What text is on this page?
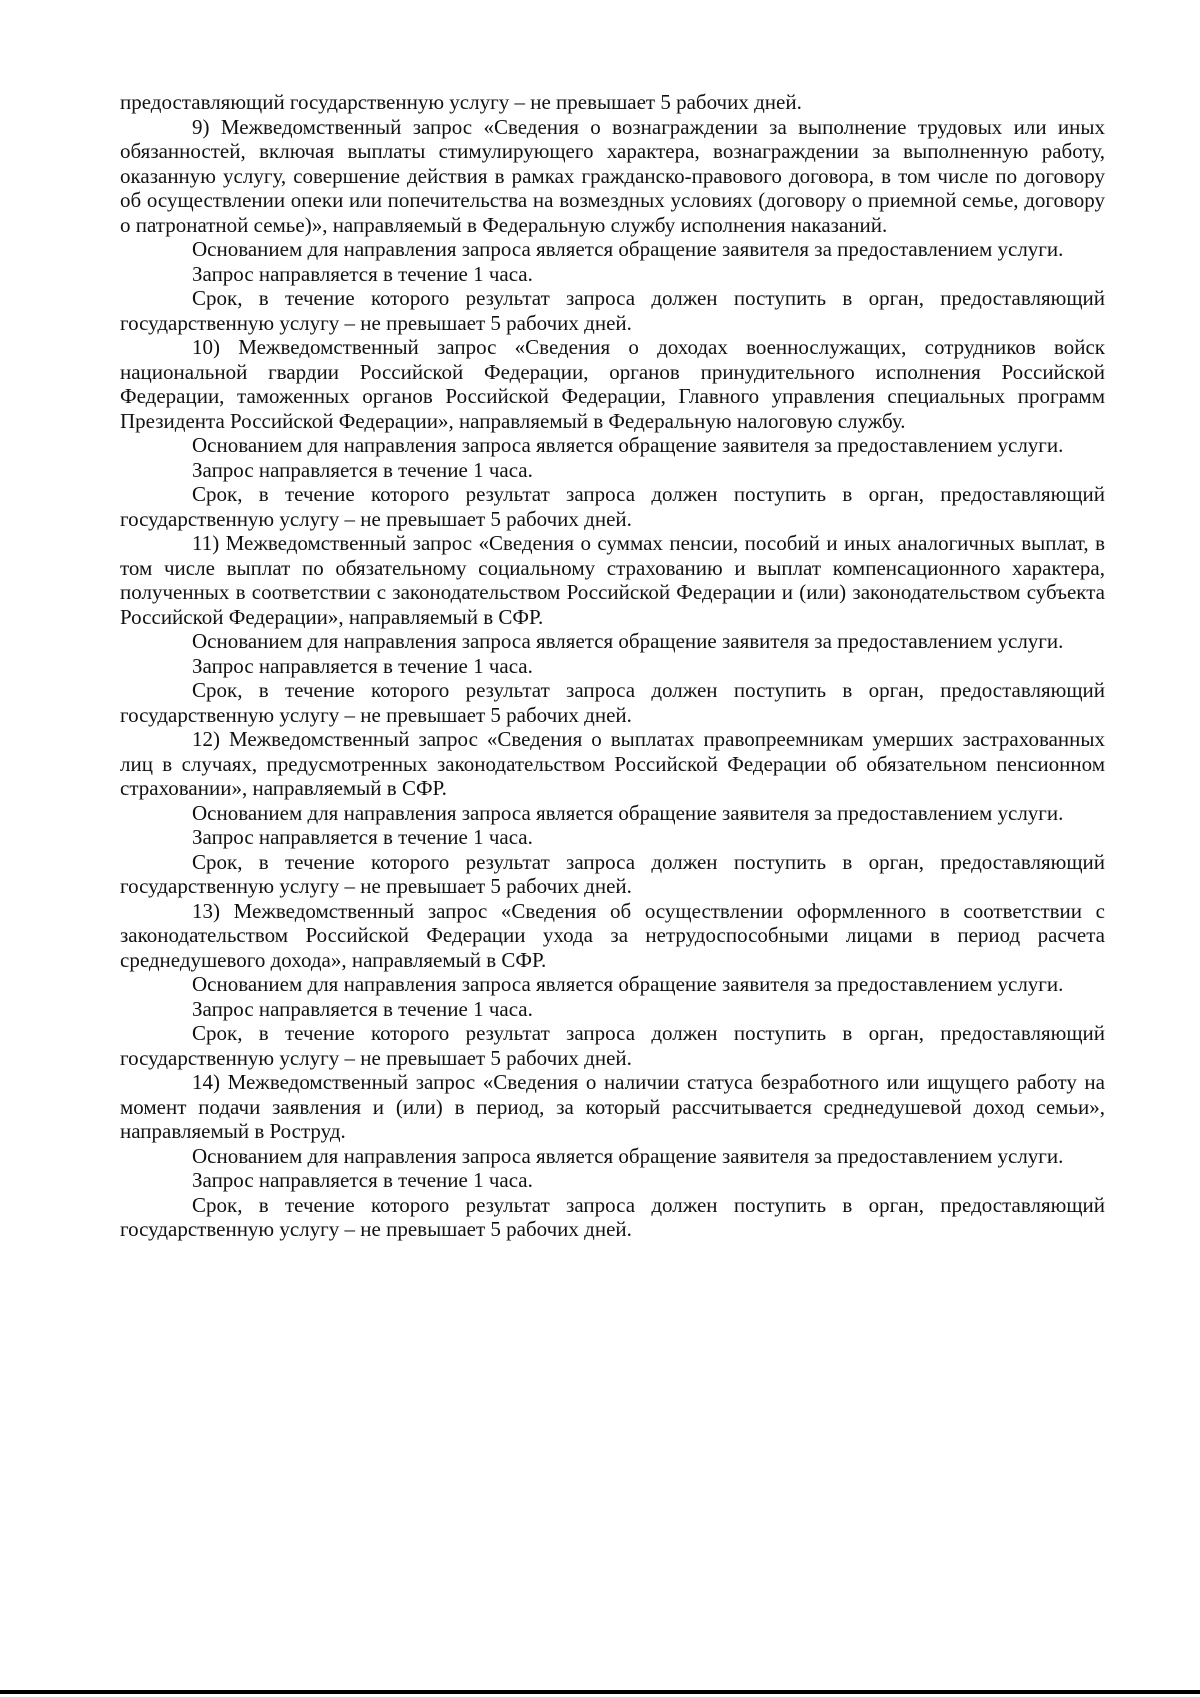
предоставляющий государственную услугу – не превышает 5 рабочих дней.

9) Межведомственный запрос «Сведения о вознаграждении за выполнение трудовых или иных обязанностей, включая выплаты стимулирующего характера, вознаграждении за выполненную работу, оказанную услугу, совершение действия в рамках гражданско-правового договора, в том числе по договору об осуществлении опеки или попечительства на возмездных условиях (договору о приемной семье, договору о патронатной семье)», направляемый в Федеральную службу исполнения наказаний.

Основанием для направления запроса является обращение заявителя за предоставлением услуги.

Запрос направляется в течение 1 часа.

Срок, в течение которого результат запроса должен поступить в орган, предоставляющий государственную услугу – не превышает 5 рабочих дней.

10) Межведомственный запрос «Сведения о доходах военнослужащих, сотрудников войск национальной гвардии Российской Федерации, органов принудительного исполнения Российской Федерации, таможенных органов Российской Федерации, Главного управления специальных программ Президента Российской Федерации», направляемый в Федеральную налоговую службу.

Основанием для направления запроса является обращение заявителя за предоставлением услуги.

Запрос направляется в течение 1 часа.

Срок, в течение которого результат запроса должен поступить в орган, предоставляющий государственную услугу – не превышает 5 рабочих дней.

11) Межведомственный запрос «Сведения о суммах пенсии, пособий и иных аналогичных выплат, в том числе выплат по обязательному социальному страхованию и выплат компенсационного характера, полученных в соответствии с законодательством Российской Федерации и (или) законодательством субъекта Российской Федерации», направляемый в СФР.

Основанием для направления запроса является обращение заявителя за предоставлением услуги.

Запрос направляется в течение 1 часа.

Срок, в течение которого результат запроса должен поступить в орган, предоставляющий государственную услугу – не превышает 5 рабочих дней.

12) Межведомственный запрос «Сведения о выплатах правопреемникам умерших застрахованных лиц в случаях, предусмотренных законодательством Российской Федерации об обязательном пенсионном страховании», направляемый в СФР.

Основанием для направления запроса является обращение заявителя за предоставлением услуги.

Запрос направляется в течение 1 часа.

Срок, в течение которого результат запроса должен поступить в орган, предоставляющий государственную услугу – не превышает 5 рабочих дней.

13) Межведомственный запрос «Сведения об осуществлении оформленного в соответствии с законодательством Российской Федерации ухода за нетрудоспособными лицами в период расчета среднедушевого дохода», направляемый в СФР.

Основанием для направления запроса является обращение заявителя за предоставлением услуги.

Запрос направляется в течение 1 часа.

Срок, в течение которого результат запроса должен поступить в орган, предоставляющий государственную услугу – не превышает 5 рабочих дней.

14) Межведомственный запрос «Сведения о наличии статуса безработного или ищущего работу на момент подачи заявления и (или) в период, за который рассчитывается среднедушевой доход семьи», направляемый в Роструд.

Основанием для направления запроса является обращение заявителя за предоставлением услуги.

Запрос направляется в течение 1 часа.

Срок, в течение которого результат запроса должен поступить в орган, предоставляющий государственную услугу – не превышает 5 рабочих дней.
